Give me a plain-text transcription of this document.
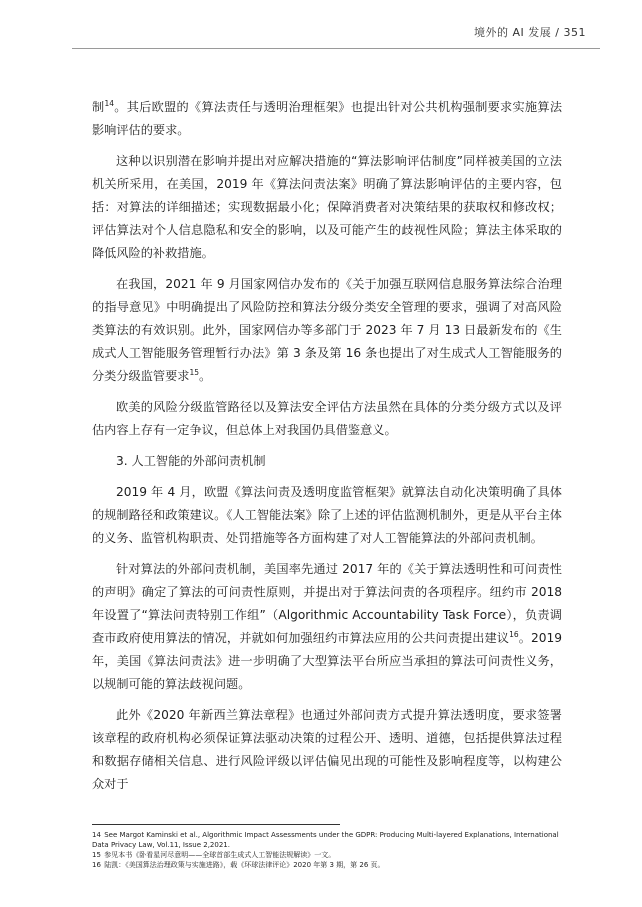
境外的 AI 发展 / 351

制$^{14}$。其后欧盟的《算法责任与透明治理框架》也提出针对公共机构强制要求实施算法影响评估的要求。

这种以识别潜在影响并提出对应解决措施的“算法影响评估制度”同样被美国的立法机关所采用，在美国，2019 年《算法问责法案》明确了算法影响评估的主要内容，包括：对算法的详细描述；实现数据最小化；保障消费者对决策结果的获取权和修改权；评估算法对个人信息隐私和安全的影响，以及可能产生的歧视性风险；算法主体采取的降低风险的补救措施。

在我国，2021 年 9 月国家网信办发布的《关于加强互联网信息服务算法综合治理的指导意见》中明确提出了风险防控和算法分级分类安全管理的要求，强调了对高风险类算法的有效识别。此外，国家网信办等多部门于 2023 年 7 月 13 日最新发布的《生成式人工智能服务管理暂行办法》第 3 条及第 16 条也提出了对生成式人工智能服务的分类分级监管要求$^{15}$。

欧美的风险分级监管路径以及算法安全评估方法虽然在具体的分类分级方式以及评估内容上存有一定争议，但总体上对我国仍具借鉴意义。

3. 人工智能的外部问责机制

2019 年 4 月，欧盟《算法问责及透明度监管框架》就算法自动化决策明确了具体的规制路径和政策建议。《人工智能法案》除了上述的评估监测机制外，更是从平台主体的义务、监管机构职责、处罚措施等各方面构建了对人工智能算法的外部问责机制。

针对算法的外部问责机制，美国率先通过 2017 年的《关于算法透明性和可问责性的声明》确定了算法的可问责性原则，并提出对于算法问责的各项程序。纽约市 2018 年设置了“算法问责特别工作组”（Algorithmic Accountability Task Force），负责调查市政府使用算法的情况，并就如何加强纽约市算法应用的公共问责提出建议$^{16}$。2019 年，美国《算法问责法》进一步明确了大型算法平台所应当承担的算法可问责性义务，以规制可能的算法歧视问题。

此外《2020 年新西兰算法章程》也通过外部问责方式提升算法透明度，要求签署该章程的政府机构必须保证算法驱动决策的过程公开、透明、道德，包括提供算法过程和数据存储相关信息、进行风险评级以评估偏见出现的可能性及影响程度等，以构建公众对于

14 See Margot Kaminski et al., Algorithmic Impact Assessments under the GDPR: Producing Multi-layered Explanations, International Data Privacy Law, Vol.11, Issue 2,2021.

15 参见本书《卧看星河尽意明——全球首部生成式人工智能法规解读》一文。

16 陆凯：《美国算法治理政策与实施进路》，载《环球法律评论》2020 年第 3 期，第 26 页。
